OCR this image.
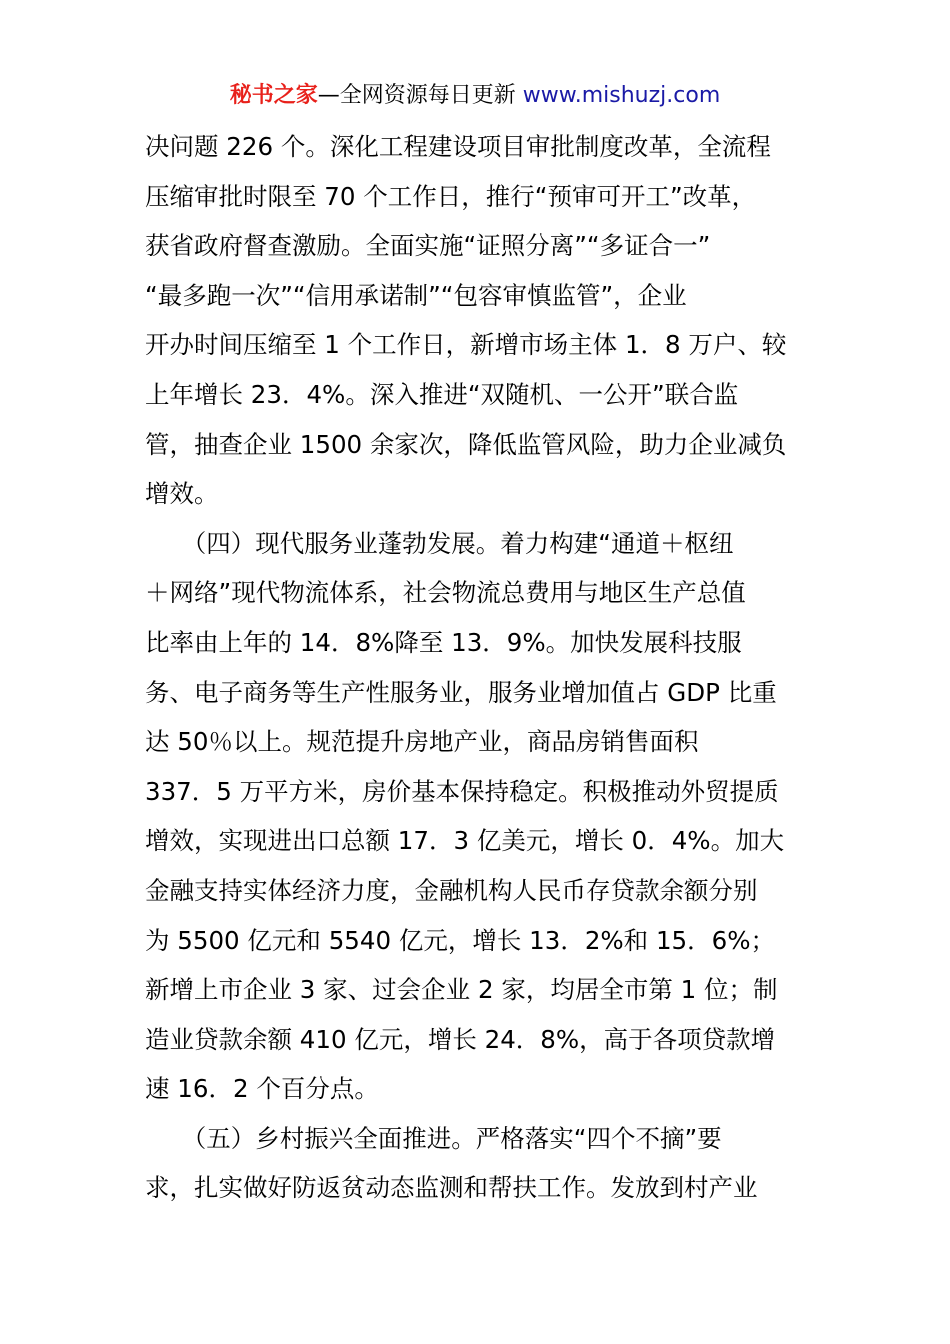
秘书之家—全网资源每日更新 www.mishuzj.com
决问题 226 个。深化工程建设项目审批制度改革，全流程
压缩审批时限至 70 个工作日，推行“预审可开工”改革，
获省政府督查激励。全面实施“证照分离”“多证合一”
“最多跑一次”“信用承诺制”“包容审慎监管”，企业
开办时间压缩至 1 个工作日，新增市场主体 1．8 万户、较
上年增长 23．4%。深入推进“双随机、一公开”联合监
管，抽查企业 1500 余家次，降低监管风险，助力企业减负
增效。
　　（四）现代服务业蓬勃发展。着力构建“通道＋枢纽
＋网络”现代物流体系，社会物流总费用与地区生产总值
比率由上年的 14．8%降至 13．9%。加快发展科技服
务、电子商务等生产性服务业，服务业增加值占 GDP 比重
达 50％以上。规范提升房地产业，商品房销售面积
337．5 万平方米，房价基本保持稳定。积极推动外贸提质
增效，实现进出口总额 17．3 亿美元，增长 0．4%。加大
金融支持实体经济力度，金融机构人民币存贷款余额分别
为 5500 亿元和 5540 亿元，增长 13．2%和 15．6%；
新增上市企业 3 家、过会企业 2 家，均居全市第 1 位；制
造业贷款余额 410 亿元，增长 24．8%，高于各项贷款增
速 16．2 个百分点。
　　（五）乡村振兴全面推进。严格落实“四个不摘”要
求，扎实做好防返贫动态监测和帮扶工作。发放到村产业
